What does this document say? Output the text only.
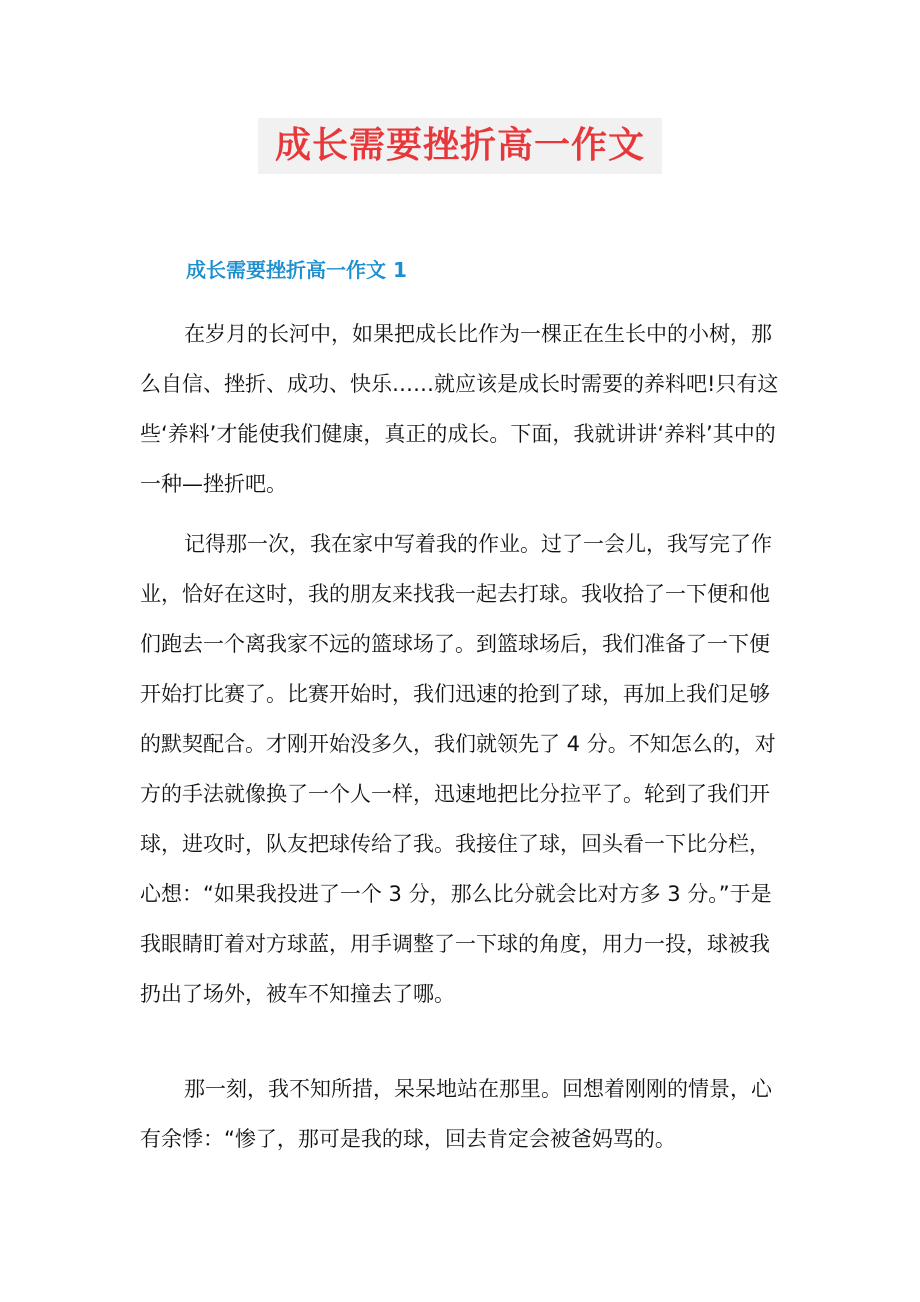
成长需要挫折高一作文
成长需要挫折高一作文 1

在岁月的长河中，如果把成长比作为一棵正在生长中的小树，那么自信、挫折、成功、快乐……就应该是成长时需要的养料吧!只有这些‘养料’才能使我们健康，真正的成长。下面，我就讲讲‘养料’其中的一种—挫折吧。

记得那一次，我在家中写着我的作业。过了一会儿，我写完了作业，恰好在这时，我的朋友来找我一起去打球。我收拾了一下便和他们跑去一个离我家不远的篮球场了。到篮球场后，我们准备了一下便开始打比赛了。比赛开始时，我们迅速的抢到了球，再加上我们足够的默契配合。才刚开始没多久，我们就领先了 4 分。不知怎么的，对方的手法就像换了一个人一样，迅速地把比分拉平了。轮到了我们开球，进攻时，队友把球传给了我。我接住了球，回头看一下比分栏，心想：“如果我投进了一个 3 分，那么比分就会比对方多 3 分。”于是我眼睛盯着对方球蓝，用手调整了一下球的角度，用力一投，球被我扔出了场外，被车不知撞去了哪。

那一刻，我不知所措，呆呆地站在那里。回想着刚刚的情景，心有余悸：“惨了，那可是我的球，回去肯定会被爸妈骂的。
